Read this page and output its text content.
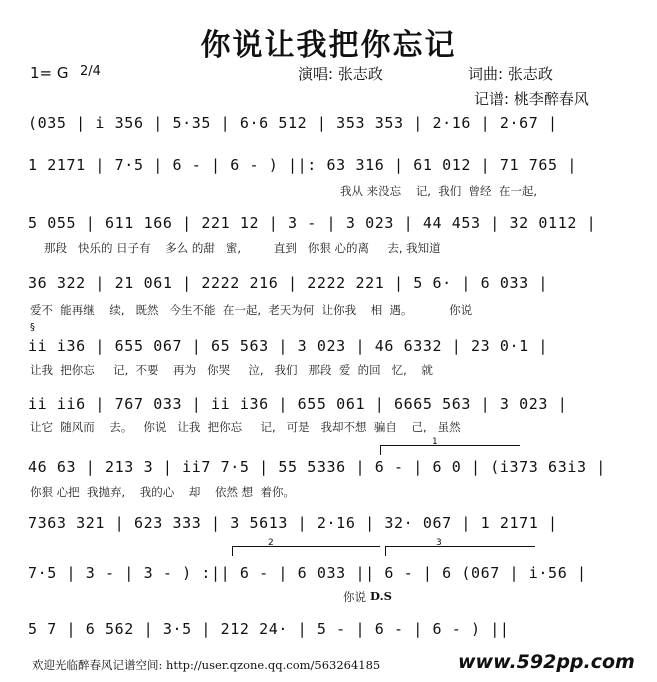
你说让我把你忘记
1= G 2/4	演唱: 张志政	词曲: 张志政
记谱: 桃李醉春风
(035 | i 356 | 5·35 | 6·6 512 | 353 353 | 2·16 | 2·67 |
1 2171 | 7·5 | 6 - | 6 - ) ||: 63 316 | 61 012 | 71 765 |
我从 来没忘    记,  我们  曾经  在一起,
5 055 | 611 166 | 221 12 | 3 - | 3 023 | 44 453 | 32 0112 |
那段   快乐的 日子有    多么 的甜   蜜,         直到   你狠 心的离     去, 我知道
36 322 | 21 061 | 2222 216 | 2222 221 | 5 6· | 6 033 |
爱不  能再继    续,   既然   今生不能  在一起,  老天为何  让你我    相  遇。          你说
§
ii i36 | 655 067 | 65 563 | 3 023 | 46 6332 | 23 0·1 |
让我  把你忘     记,  不要    再为   你哭     泣,   我们   那段  爱  的回   忆,    就
ii ii6 | 767 033 | ii i36 | 655 061 | 6665 563 | 3 023 |
让它  随风而    去。   你说   让我  把你忘     记,   可是   我却不想  骗自    己,   虽然
1
46 63 | 213 3 | ii7 7·5 | 55 5336 | 6 - | 6 0 | (i373 63i3 |
你狠 心把  我抛弃,    我的心    却    依然 想  着你。
7363 321 | 623 333 | 3 5613 | 2·16 | 32· 067 | 1 2171 |
2	3
7·5 | 3 - | 3 - ) :|| 6 - | 6 033 || 6 - | 6 (067 | i·56 |
你说 D.S
5 7 | 6 562 | 3·5 | 212 24· | 5 - | 6 - | 6 - ) ||
欢迎光临醉春风记谱空间: http://user.qzone.qq.com/563264185	www.592pp.com
